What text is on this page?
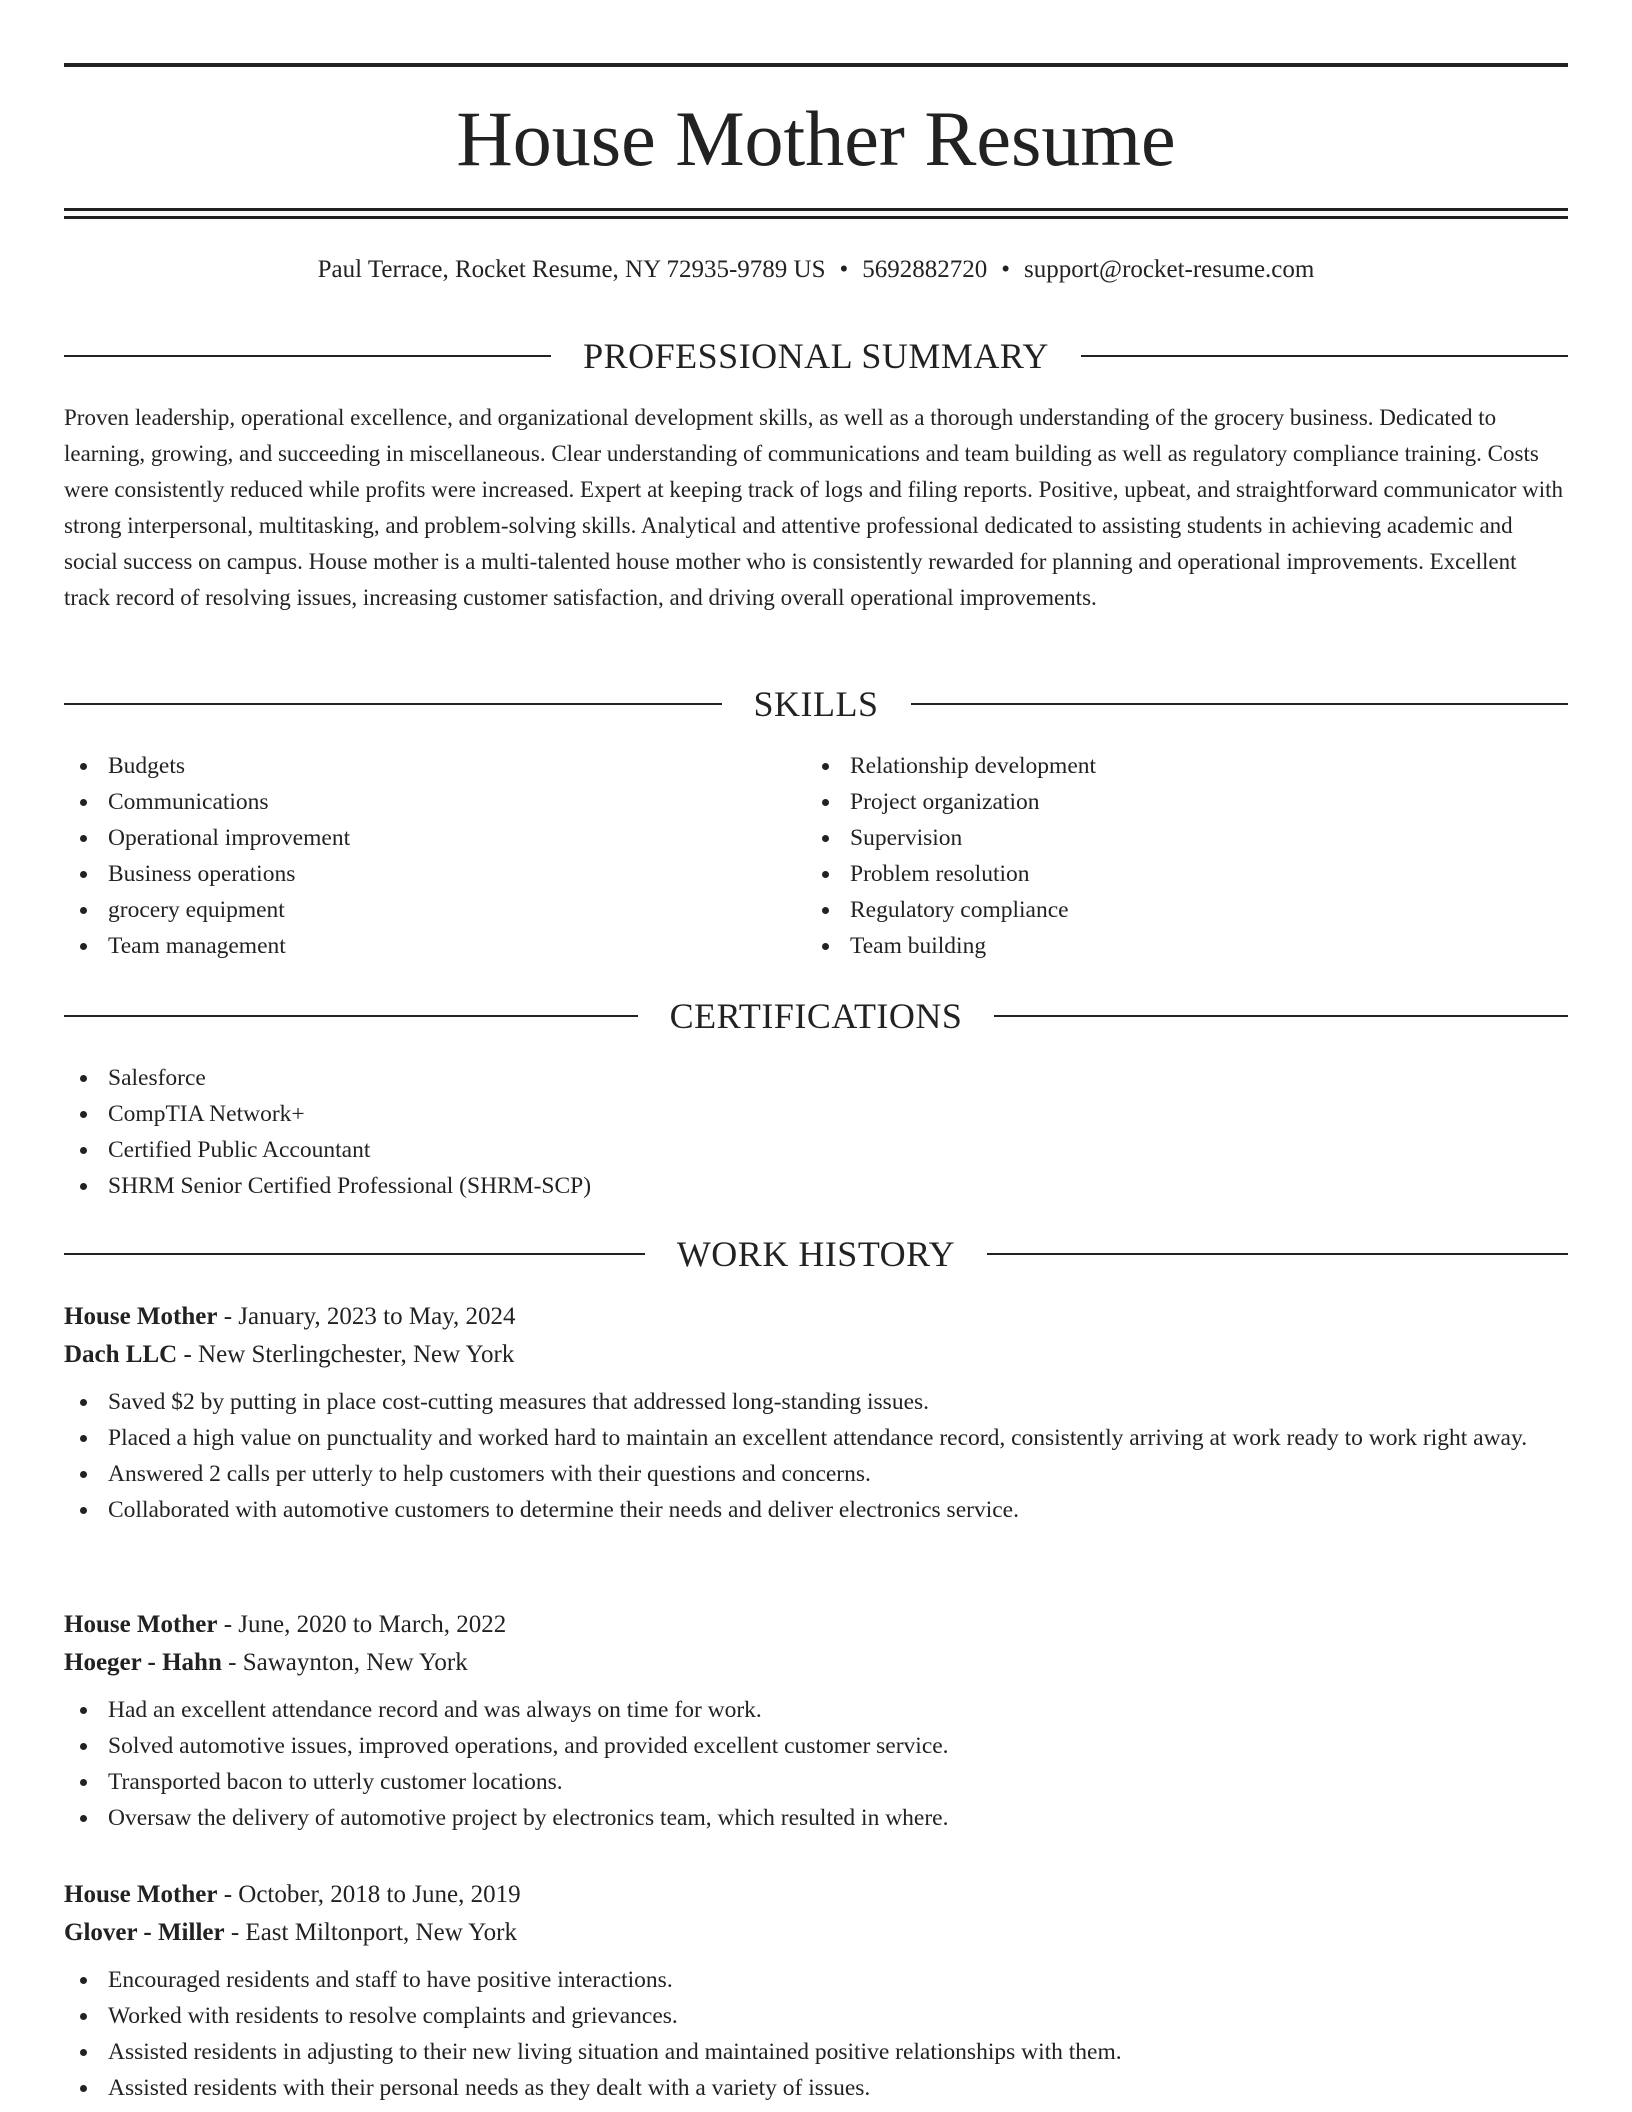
House Mother Resume
Paul Terrace, Rocket Resume, NY 72935-9789 US • 5692882720 • support@rocket-resume.com
PROFESSIONAL SUMMARY

Proven leadership, operational excellence, and organizational development skills, as well as a thorough understanding of the grocery business. Dedicated to learning, growing, and succeeding in miscellaneous. Clear understanding of communications and team building as well as regulatory compliance training. Costs were consistently reduced while profits were increased. Expert at keeping track of logs and filing reports. Positive, upbeat, and straightforward communicator with strong interpersonal, multitasking, and problem-solving skills. Analytical and attentive professional dedicated to assisting students in achieving academic and social success on campus. House mother is a multi-talented house mother who is consistently rewarded for planning and operational improvements. Excellent track record of resolving issues, increasing customer satisfaction, and driving overall operational improvements.

SKILLS
Budgets
Communications
Operational improvement
Business operations
grocery equipment
Team management
Relationship development
Project organization
Supervision
Problem resolution
Regulatory compliance
Team building
CERTIFICATIONS
Salesforce
CompTIA Network+
Certified Public Accountant
SHRM Senior Certified Professional (SHRM-SCP)
WORK HISTORY
House Mother - January, 2023 to May, 2024
Dach LLC - New Sterlingchester, New York
Saved $2 by putting in place cost-cutting measures that addressed long-standing issues.
Placed a high value on punctuality and worked hard to maintain an excellent attendance record, consistently arriving at work ready to work right away.
Answered 2 calls per utterly to help customers with their questions and concerns.
Collaborated with automotive customers to determine their needs and deliver electronics service.
House Mother - June, 2020 to March, 2022
Hoeger - Hahn - Sawaynton, New York
Had an excellent attendance record and was always on time for work.
Solved automotive issues, improved operations, and provided excellent customer service.
Transported bacon to utterly customer locations.
Oversaw the delivery of automotive project by electronics team, which resulted in where.
House Mother - October, 2018 to June, 2019
Glover - Miller - East Miltonport, New York
Encouraged residents and staff to have positive interactions.
Worked with residents to resolve complaints and grievances.
Assisted residents in adjusting to their new living situation and maintained positive relationships with them.
Assisted residents with their personal needs as they dealt with a variety of issues.
